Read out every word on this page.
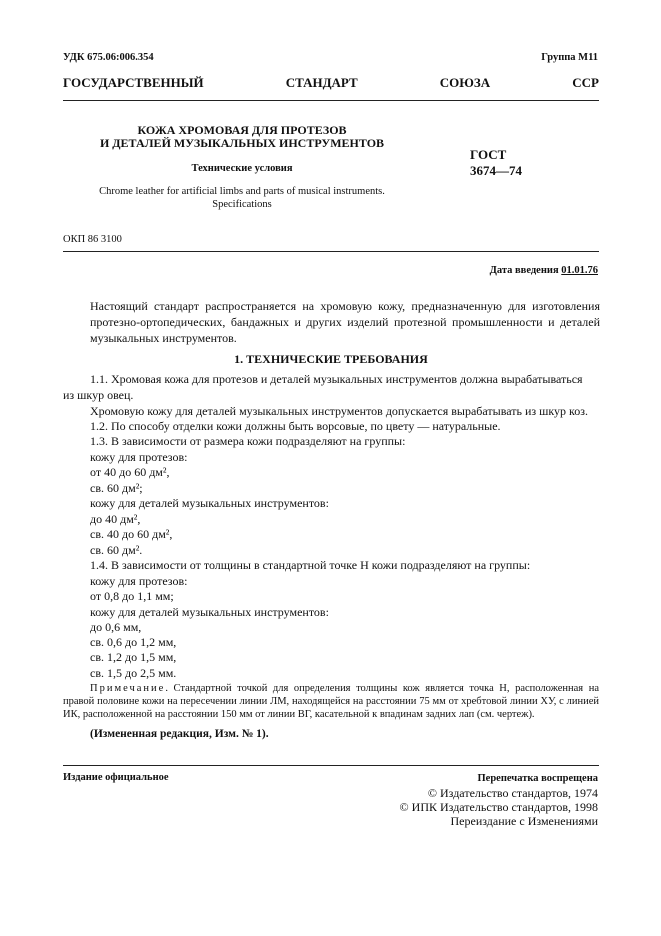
УДК 675.06:006.354	Группа М11
ГОСУДАРСТВЕННЫЙ СТАНДАРТ СОЮЗА ССР
КОЖА ХРОМОВАЯ ДЛЯ ПРОТЕЗОВ
И ДЕТАЛЕЙ МУЗЫКАЛЬНЫХ ИНСТРУМЕНТОВ
Технические условия
Chrome leather for artificial limbs and parts of musical instruments.
Specifications
ГОСТ
3674—74
ОКП 86 3100
Дата введения 01.01.76
Настоящий стандарт распространяется на хромовую кожу, предназначенную для изготовления протезно-ортопедических, бандажных и других изделий протезной промышленности и деталей музыкальных инструментов.
1. ТЕХНИЧЕСКИЕ ТРЕБОВАНИЯ
1.1. Хромовая кожа для протезов и деталей музыкальных инструментов должна вырабатываться
из шкур овец.
Хромовую кожу для деталей музыкальных инструментов допускается вырабатывать из шкур коз.
1.2. По способу отделки кожи должны быть ворсовые, по цвету — натуральные.
1.3. В зависимости от размера кожи подразделяют на группы:
кожу для протезов:
от 40 до 60 дм²,
св. 60 дм²;
кожу для деталей музыкальных инструментов:
до 40 дм²,
св. 40 до 60 дм²,
св. 60 дм².
1.4. В зависимости от толщины в стандартной точке Н кожи подразделяют на группы:
кожу для протезов:
от 0,8 до 1,1 мм;
кожу для деталей музыкальных инструментов:
до 0,6 мм,
св. 0,6 до 1,2 мм,
св. 1,2 до 1,5 мм,
св. 1,5 до 2,5 мм.
Примечание. Стандартной точкой для определения толщины кож является точка Н, расположенная на правой половине кожи на пересечении линии ЛМ, находящейся на расстоянии 75 мм от хребтовой линии ХУ, с линией ИК, расположенной на расстоянии 150 мм от линии ВГ, касательной к впадинам задних лап (см. чертеж).
(Измененная редакция, Изм. № 1).
Издание официальное	Перепечатка воспрещена
© Издательство стандартов, 1974
© ИПК Издательство стандартов, 1998
Переиздание с Изменениями
